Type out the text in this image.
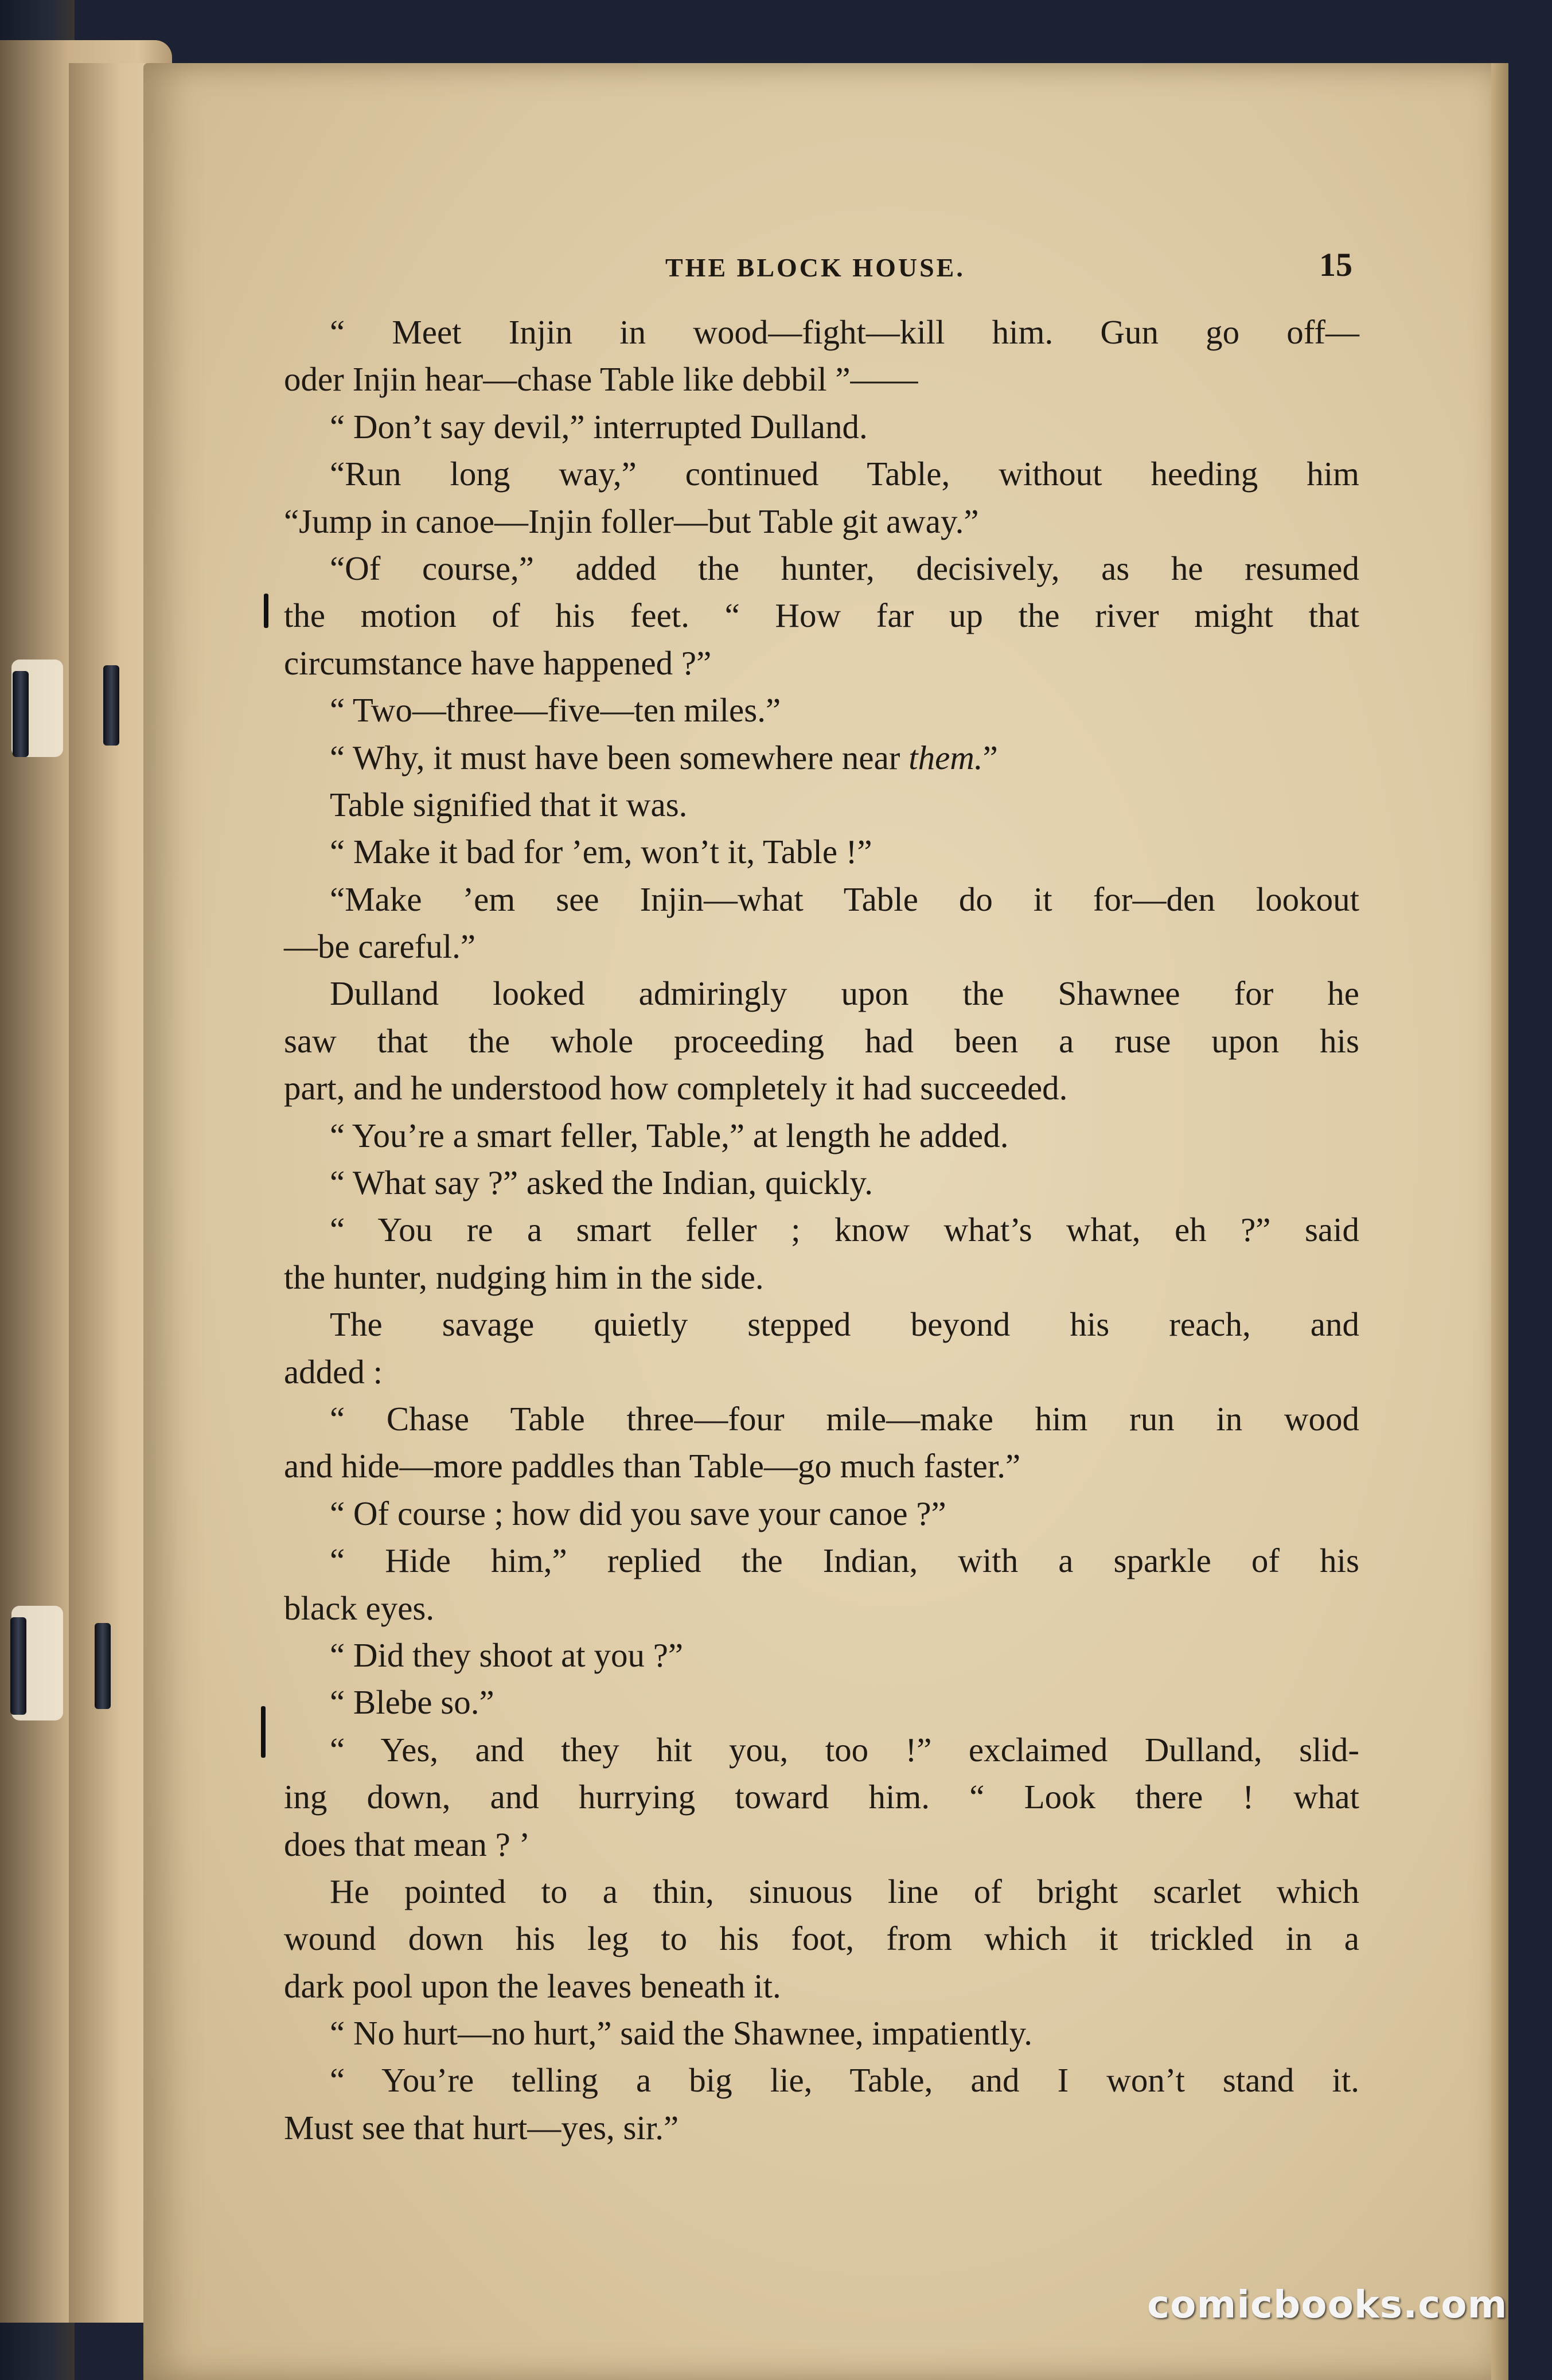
THE BLOCK HOUSE.	15
“ Meet Injin in wood—fight—kill him. Gun go off—
oder Injin hear—chase Table like debbil ”——
“ Don’t say devil,” interrupted Dulland.
“Run long way,” continued Table, without heeding him
“Jump in canoe—Injin foller—but Table git away.”
“Of course,” added the hunter, decisively, as he resumed
the motion of his feet. “ How far up the river might that
circumstance have happened ?”
“ Two—three—five—ten miles.”
“ Why, it must have been somewhere near them.”
Table signified that it was.
“ Make it bad for ’em, won’t it, Table !”
“Make ’em see Injin—what Table do it for—den lookout
—be careful.”
Dulland looked admiringly upon the Shawnee for he
saw that the whole proceeding had been a ruse upon his
part, and he understood how completely it had succeeded.
“ You’re a smart feller, Table,” at length he added.
“ What say ?” asked the Indian, quickly.
“ You re a smart feller ; know what’s what, eh ?” said
the hunter, nudging him in the side.
The savage quietly stepped beyond his reach, and
added :
“ Chase Table three—four mile—make him run in wood
and hide—more paddles than Table—go much faster.”
“ Of course ; how did you save your canoe ?”
“ Hide him,” replied the Indian, with a sparkle of his
black eyes.
“ Did they shoot at you ?”
“ Blebe so.”
“ Yes, and they hit you, too !” exclaimed Dulland, slid-
ing down, and hurrying toward him. “ Look there ! what
does that mean ? ’
He pointed to a thin, sinuous line of bright scarlet which
wound down his leg to his foot, from which it trickled in a
dark pool upon the leaves beneath it.
“ No hurt—no hurt,” said the Shawnee, impatiently.
“ You’re telling a big lie, Table, and I won’t stand it.
Must see that hurt—yes, sir.”
comicbooks.com
